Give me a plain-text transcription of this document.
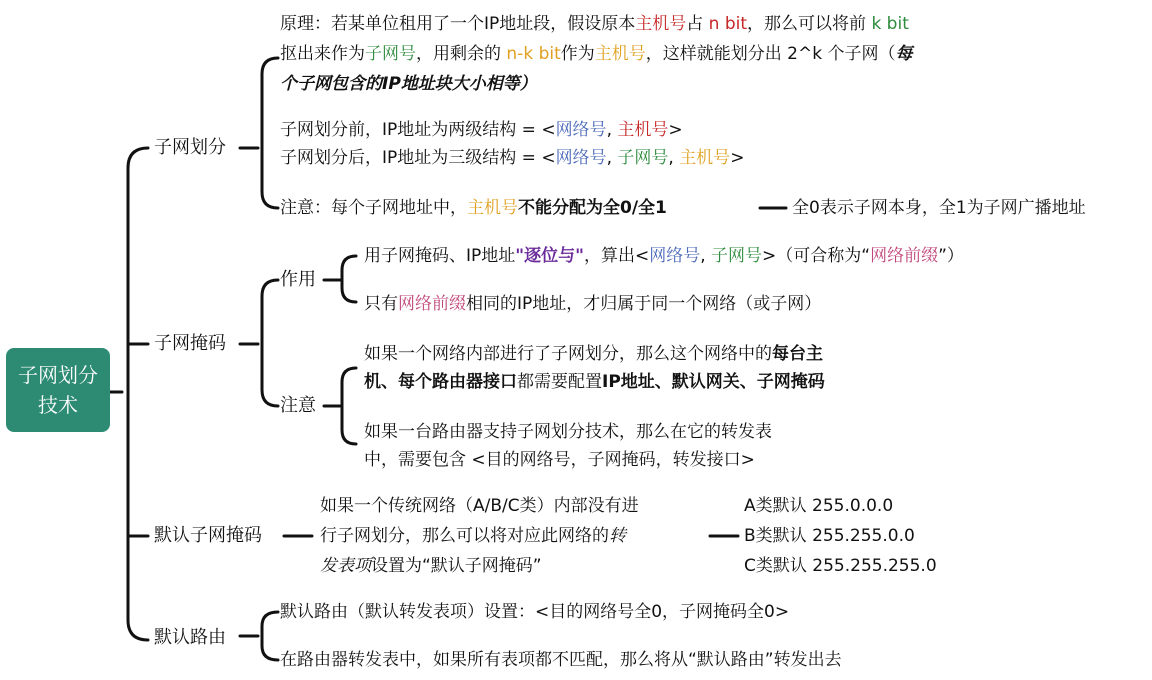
子网划分
技术
子网划分
原理：若某单位租用了一个IP地址段，假设原本主机号占 n bit，那么可以将前 k bit
抠出来作为子网号，用剩余的 n-k bit作为主机号，这样就能划分出 2^k 个子网（每
个子网包含的IP地址块大小相等）
子网划分前，IP地址为两级结构 = <网络号, 主机号>
子网划分后，IP地址为三级结构 = <网络号, 子网号, 主机号>
注意：每个子网地址中，主机号不能分配为全0/全1	全0表示子网本身，全1为子网广播地址
子网掩码
作用
用子网掩码、IP地址"逐位与"，算出<网络号, 子网号>（可合称为“网络前缀”）
只有网络前缀相同的IP地址，才归属于同一个网络（或子网）
注意
如果一个网络内部进行了子网划分，那么这个网络中的每台主
机、每个路由器接口都需要配置IP地址、默认网关、子网掩码
如果一台路由器支持子网划分技术，那么在它的转发表
中，需要包含 <目的网络号，子网掩码，转发接口>
默认子网掩码
如果一个传统网络（A/B/C类）内部没有进
行子网划分，那么可以将对应此网络的转
发表项设置为“默认子网掩码”
A类默认 255.0.0.0
B类默认 255.255.0.0
C类默认 255.255.255.0
默认路由
默认路由（默认转发表项）设置：<目的网络号全0，子网掩码全0>
在路由器转发表中，如果所有表项都不匹配，那么将从“默认路由”转发出去
